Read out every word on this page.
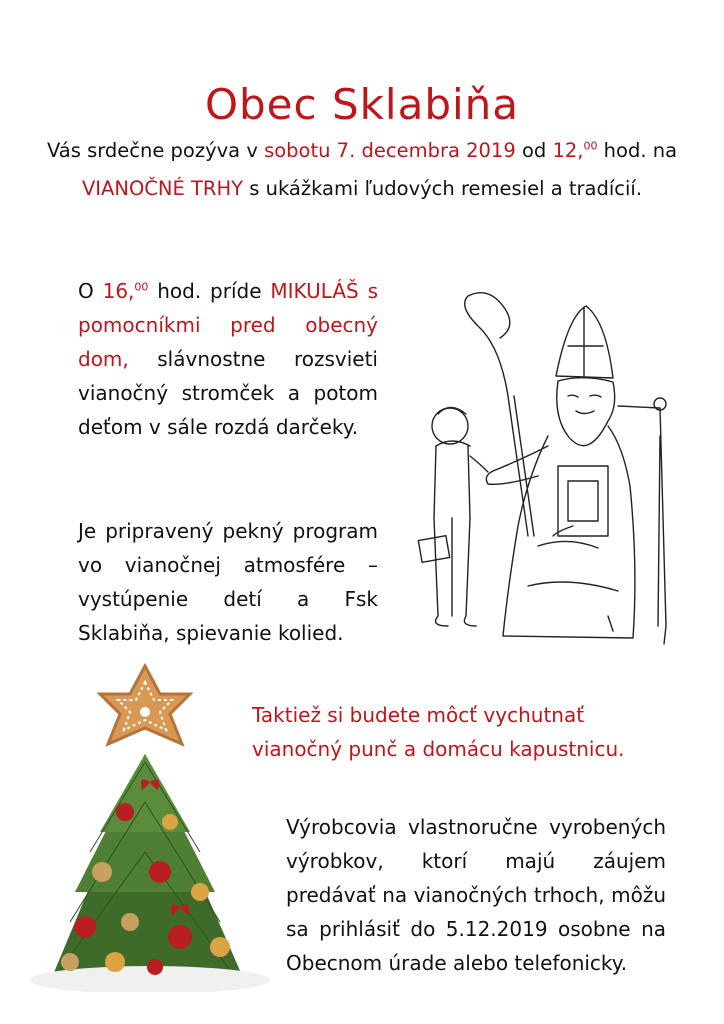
Obec Sklabiňa
Vás srdečne pozýva v sobotu 7. decembra 2019 od 12,00 hod. na
VIANOČNÉ TRHY s ukážkami ľudových remesiel a tradícií.
O 16,00 hod. príde MIKULÁŠ s pomocníkmi pred obecný dom, slávnostne rozsvieti vianočný stromček a potom deťom v sále rozdá darčeky.
Je pripravený pekný program vo vianočnej atmosfére – vystúpenie detí a Fsk Sklabiňa, spievanie kolied.
Taktiež si budete môcť vychutnať vianočný punč a domácu kapustnicu.
Výrobcovia vlastnoručne vyrobených výrobkov, ktorí majú záujem predávať na vianočných trhoch, môžu sa prihlásiť do 5.12.2019 osobne na Obecnom úrade alebo telefonicky.
